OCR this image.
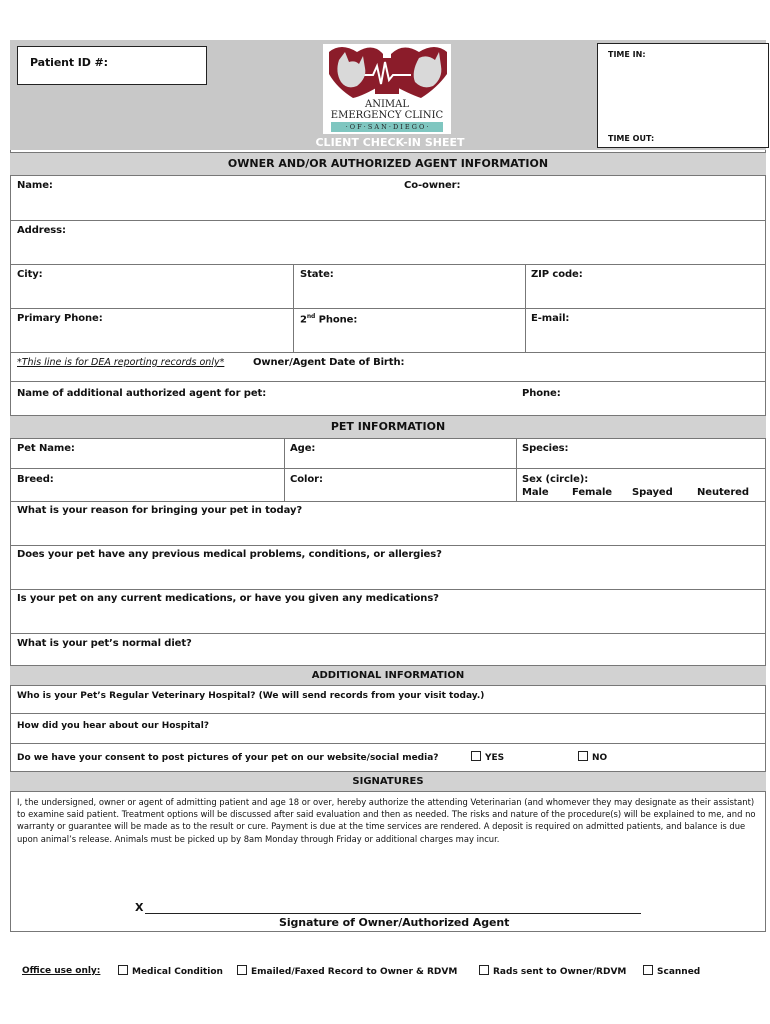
Patient ID #:
ANIMAL
EMERGENCY CLINIC
· O F · S A N · D I E G O ·
CLIENT CHECK-IN SHEET
TIME IN:
TIME OUT:
OWNER AND/OR AUTHORIZED AGENT INFORMATION
Name:	Co-owner:
Address:
City:	State:	ZIP code:
Primary Phone:	2nd Phone:	E-mail:
*This line is for DEA reporting records only*	Owner/Agent Date of Birth:
Name of additional authorized agent for pet:	Phone:
PET INFORMATION
Pet Name:	Age:	Species:
Breed:	Color:	Sex (circle):
Male Female Spayed Neutered
What is your reason for bringing your pet in today?
Does your pet have any previous medical problems, conditions, or allergies?
Is your pet on any current medications, or have you given any medications?
What is your pet’s normal diet?
ADDITIONAL INFORMATION
Who is your Pet’s Regular Veterinary Hospital? (We will send records from your visit today.)
How did you hear about our Hospital?
Do we have your consent to post pictures of your pet on our website/social media?	YES	NO
SIGNATURES
I, the undersigned, owner or agent of admitting patient and age 18 or over, hereby authorize the attending Veterinarian (and whomever they may designate as their assistant) to examine said patient. Treatment options will be discussed after said evaluation and then as needed. The risks and nature of the procedure(s) will be explained to me, and no warranty or guarantee will be made as to the result or cure. Payment is due at the time services are rendered. A deposit is required on admitted patients, and balance is due upon animal’s release. Animals must be picked up by 8am Monday through Friday or additional charges may incur.
X
Signature of Owner/Authorized Agent
Office use only:	Medical Condition	Emailed/Faxed Record to Owner & RDVM	Rads sent to Owner/RDVM	Scanned
